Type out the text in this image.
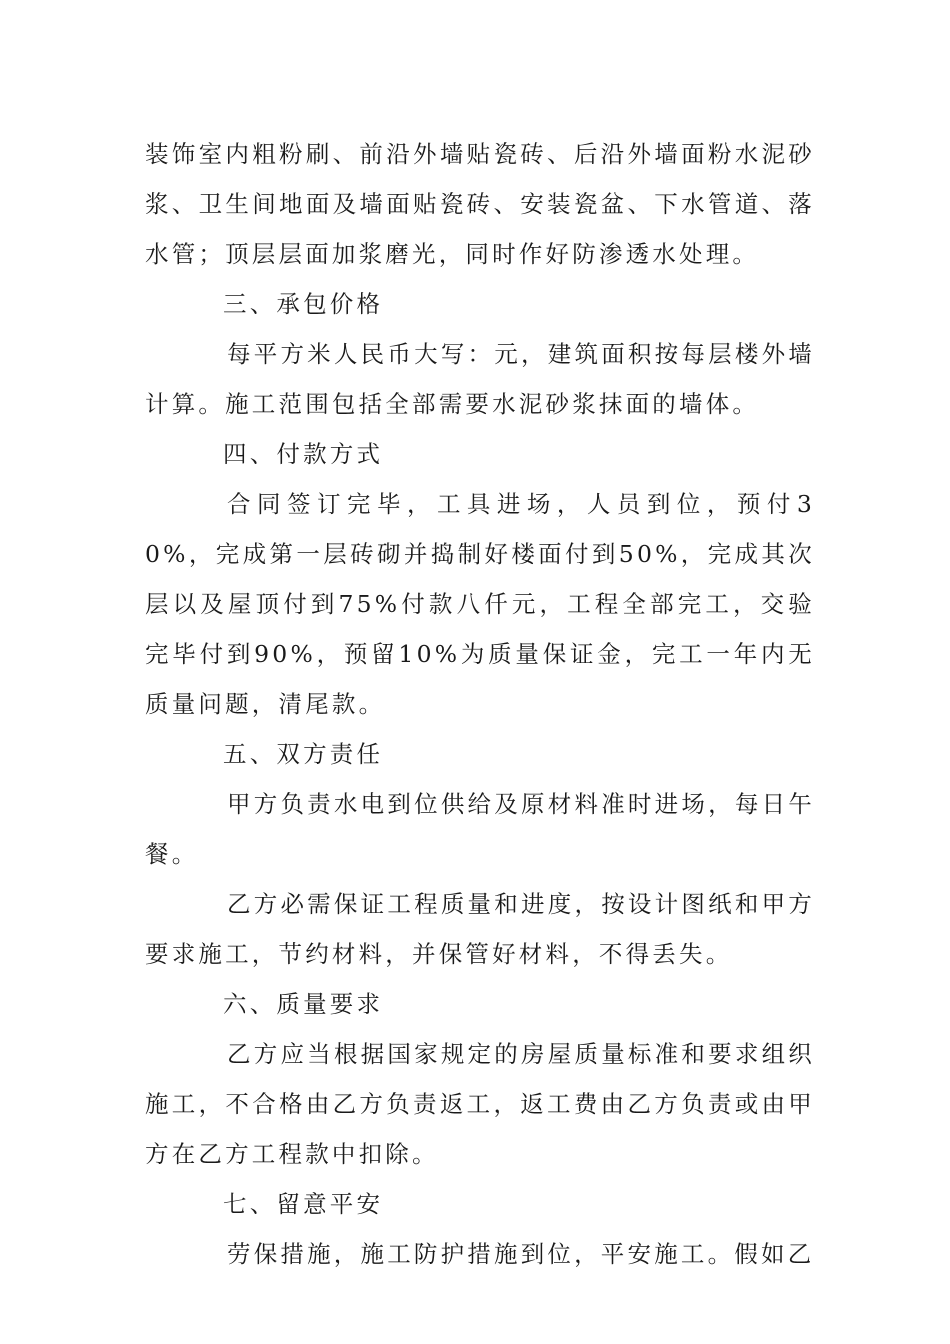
装饰室内粗粉刷、前沿外墙贴瓷砖、后沿外墙面粉水泥砂浆、卫生间地面及墙面贴瓷砖、安装瓷盆、下水管道、落水管；顶层层面加浆磨光，同时作好防渗透水处理。

三、承包价格

每平方米人民币大写：元，建筑面积按每层楼外墙计算。施工范围包括全部需要水泥砂浆抹面的墙体。

四、付款方式

合同签订完毕，工具进场，人员到位，预付30%，完成第一层砖砌并捣制好楼面付到50%，完成其次层以及屋顶付到75%付款八仟元，工程全部完工，交验完毕付到90%，预留10%为质量保证金，完工一年内无质量问题，清尾款。

五、双方责任

甲方负责水电到位供给及原材料准时进场，每日午餐。

乙方必需保证工程质量和进度，按设计图纸和甲方要求施工，节约材料，并保管好材料，不得丢失。

六、质量要求

乙方应当根据国家规定的房屋质量标准和要求组织施工，不合格由乙方负责返工，返工费由乙方负责或由甲方在乙方工程款中扣除。

七、留意平安

劳保措施，施工防护措施到位，平安施工。假如乙
